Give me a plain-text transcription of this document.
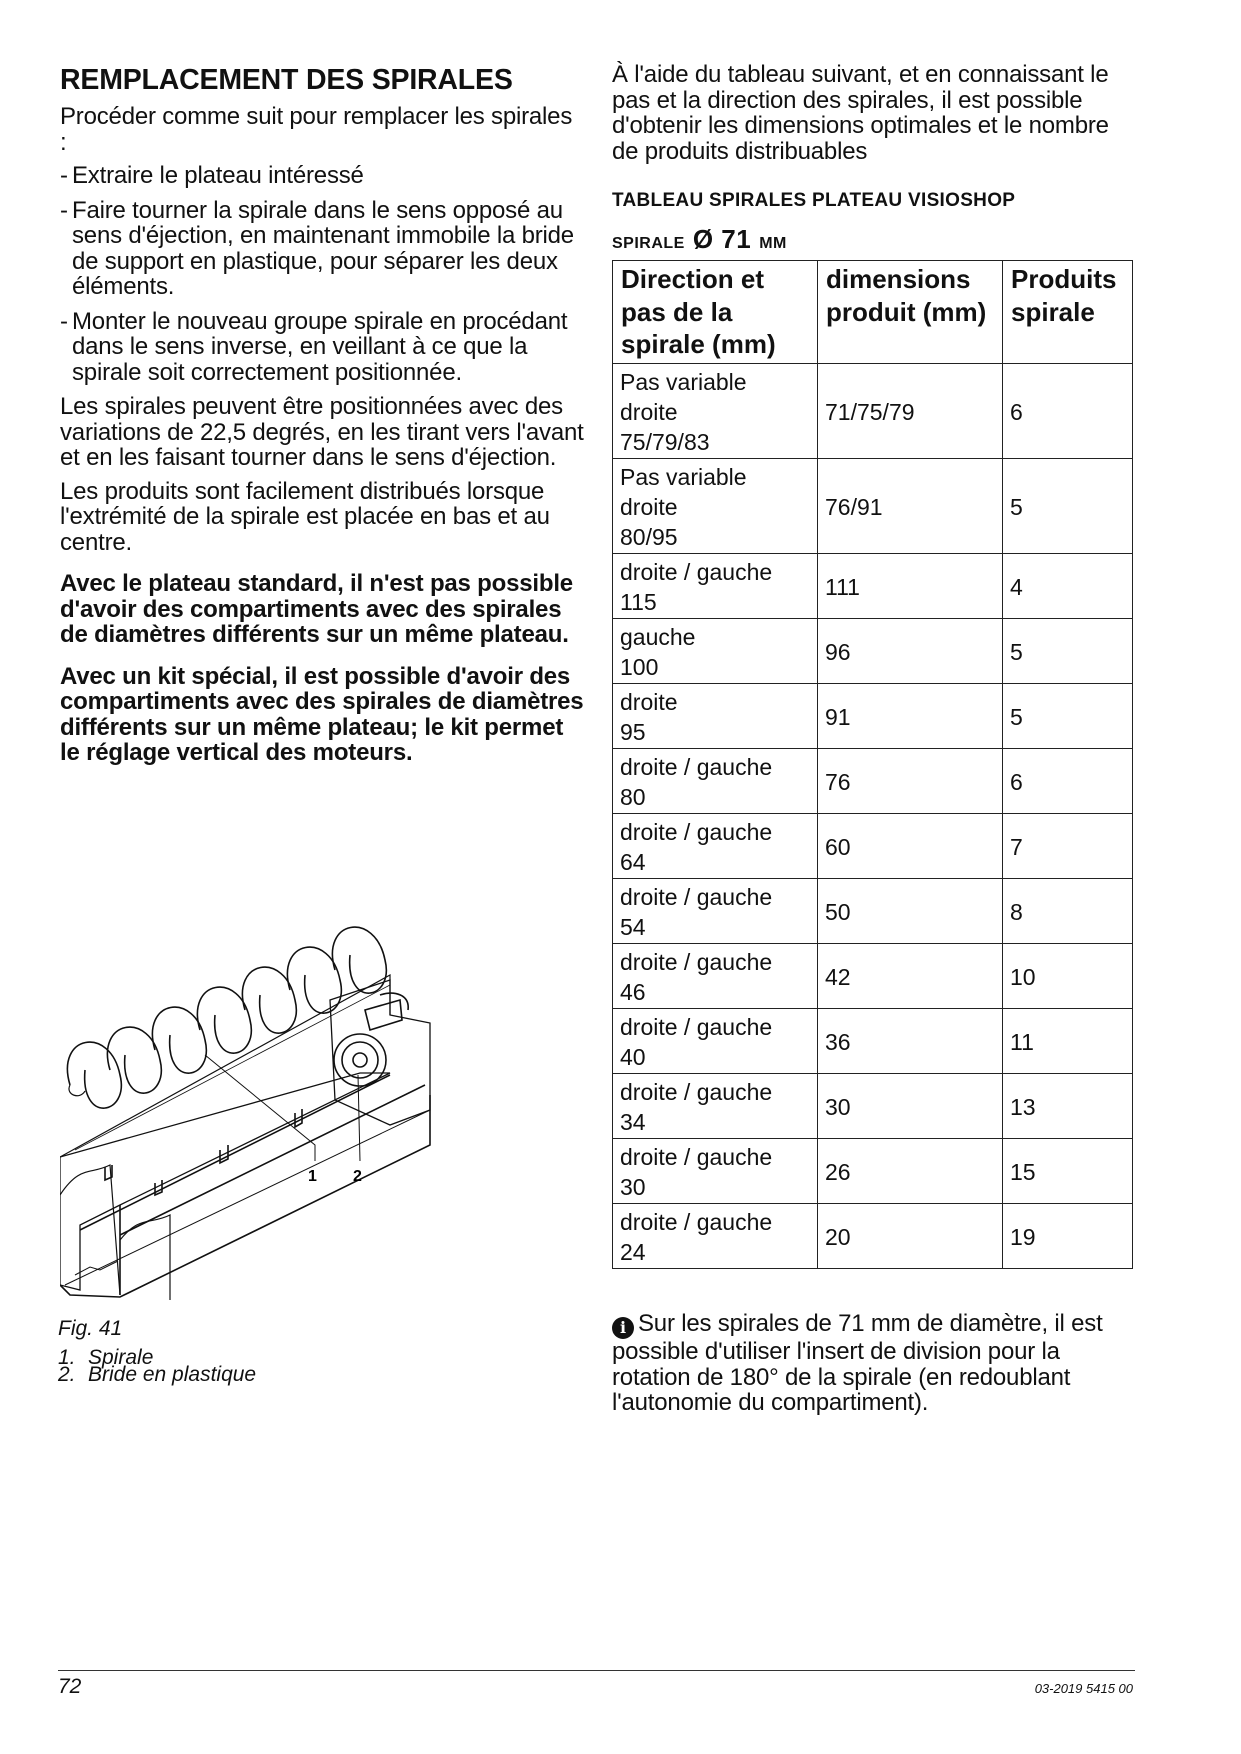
REMPLACEMENT DES SPIRALES

Procéder comme suit pour remplacer les spirales :

- Extraire le plateau intéressé
- Faire tourner la spirale dans le sens opposé au sens d'éjection, en maintenant immobile la bride de support en plastique, pour séparer les deux éléments.
- Monter le nouveau groupe spirale en procédant dans le sens inverse, en veillant à ce que la spirale soit correctement positionnée.

Les spirales peuvent être positionnées avec des variations de 22,5 degrés, en les tirant vers l'avant et en les faisant tourner dans le sens d'éjection.

Les produits sont facilement distribués lorsque l'extrémité de la spirale est placée en bas et au centre.

Avec le plateau standard, il n'est pas possible d'avoir des compartiments avec des spirales de diamètres différents sur un même plateau.

Avec un kit spécial, il est possible d'avoir des compartiments avec des spirales de diamètres différents sur un même plateau; le kit permet le réglage vertical des moteurs.

1 2
Fig. 41
1. Spirale
2. Bride en plastique

À l'aide du tableau suivant, et en connaissant le pas et la direction des spirales, il est possible d'obtenir les dimensions optimales et le nombre de produits distribuables

TABLEAU SPIRALES PLATEAU VISIOSHOP
SPIRALE Ø 71 MM
Direction et pas de la spirale (mm)	dimensions produit (mm)	Produits spirale
Pas variable
droite
75/79/83	71/75/79	6
Pas variable
droite
80/95	76/91	5
droite / gauche
115	111	4
gauche
100	96	5
droite
95	91	5
droite / gauche
80	76	6
droite / gauche
64	60	7
droite / gauche
54	50	8
droite / gauche
46	42	10
droite / gauche
40	36	11
droite / gauche
34	30	13
droite / gauche
30	26	15
droite / gauche
24	20	19
i Sur les spirales de 71 mm de diamètre, il est possible d'utiliser l'insert de division pour la rotation de 180° de la spirale (en redoublant l'autonomie du compartiment).
72	03-2019 5415 00
